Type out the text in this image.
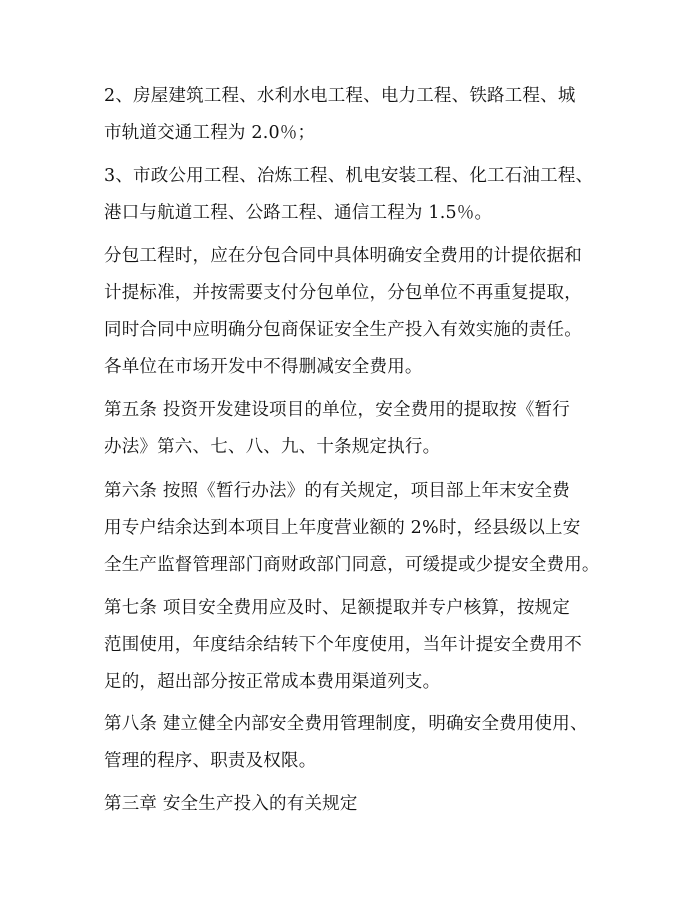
2、房屋建筑工程、水利水电工程、电力工程、铁路工程、城
市轨道交通工程为 2.0％；

3、市政公用工程、冶炼工程、机电安装工程、化工石油工程、
港口与航道工程、公路工程、通信工程为 1.5％。

分包工程时，应在分包合同中具体明确安全费用的计提依据和
计提标准，并按需要支付分包单位，分包单位不再重复提取，
同时合同中应明确分包商保证安全生产投入有效实施的责任。
各单位在市场开发中不得删减安全费用。

第五条 投资开发建设项目的单位，安全费用的提取按《暂行
办法》第六、七、八、九、十条规定执行。

第六条 按照《暂行办法》的有关规定，项目部上年末安全费
用专户结余达到本项目上年度营业额的 2%时，经县级以上安
全生产监督管理部门商财政部门同意，可缓提或少提安全费用。

第七条 项目安全费用应及时、足额提取并专户核算，按规定
范围使用，年度结余结转下个年度使用，当年计提安全费用不
足的，超出部分按正常成本费用渠道列支。

第八条 建立健全内部安全费用管理制度，明确安全费用使用、
管理的程序、职责及权限。

第三章 安全生产投入的有关规定
